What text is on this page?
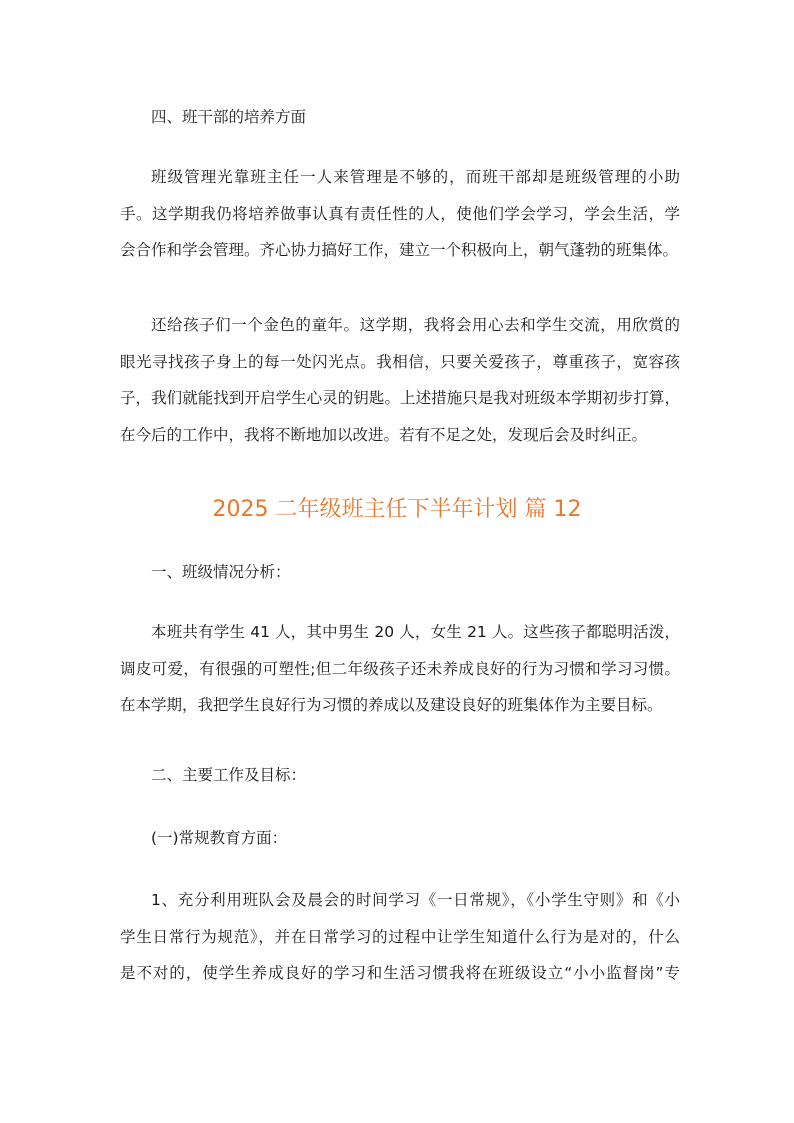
四、班干部的培养方面

班级管理光靠班主任一人来管理是不够的，而班干部却是班级管理的小助
手。这学期我仍将培养做事认真有责任性的人，使他们学会学习，学会生活，学
会合作和学会管理。齐心协力搞好工作，建立一个积极向上，朝气蓬勃的班集体。
还给孩子们一个金色的童年。这学期，我将会用心去和学生交流，用欣赏的
眼光寻找孩子身上的每一处闪光点。我相信，只要关爱孩子，尊重孩子，宽容孩
子，我们就能找到开启学生心灵的钥匙。上述措施只是我对班级本学期初步打算，
在今后的工作中，我将不断地加以改进。若有不足之处，发现后会及时纠正。
2025 二年级班主任下半年计划 篇 12

一、班级情况分析：

本班共有学生 41 人，其中男生 20 人，女生 21 人。这些孩子都聪明活泼，
调皮可爱，有很强的可塑性;但二年级孩子还未养成良好的行为习惯和学习习惯。
在本学期，我把学生良好行为习惯的养成以及建设良好的班集体作为主要目标。

二、主要工作及目标：

(一)常规教育方面：

1、充分利用班队会及晨会的时间学习《一日常规》，《小学生守则》和《小
学生日常行为规范》，并在日常学习的过程中让学生知道什么行为是对的，什么
是不对的，使学生养成良好的学习和生活习惯我将在班级设立“小小监督岗”专
